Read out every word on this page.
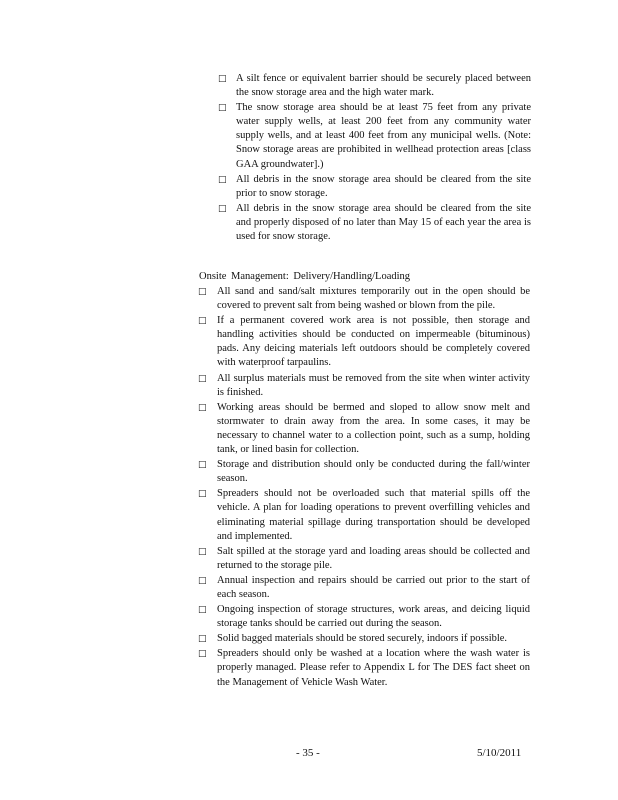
□ A silt fence or equivalent barrier should be securely placed between the snow storage area and the high water mark.
□ The snow storage area should be at least 75 feet from any private water supply wells, at least 200 feet from any community water supply wells, and at least 400 feet from any municipal wells. (Note: Snow storage areas are prohibited in wellhead protection areas [class GAA groundwater].)
□ All debris in the snow storage area should be cleared from the site prior to snow storage.
□ All debris in the snow storage area should be cleared from the site and properly disposed of no later than May 15 of each year the area is used for snow storage.
Onsite Management: Delivery/Handling/Loading
□ All sand and sand/salt mixtures temporarily out in the open should be covered to prevent salt from being washed or blown from the pile.
□ If a permanent covered work area is not possible, then storage and handling activities should be conducted on impermeable (bituminous) pads. Any deicing materials left outdoors should be completely covered with waterproof tarpaulins.
□ All surplus materials must be removed from the site when winter activity is finished.
□ Working areas should be bermed and sloped to allow snow melt and stormwater to drain away from the area. In some cases, it may be necessary to channel water to a collection point, such as a sump, holding tank, or lined basin for collection.
□ Storage and distribution should only be conducted during the fall/winter season.
□ Spreaders should not be overloaded such that material spills off the vehicle. A plan for loading operations to prevent overfilling vehicles and eliminating material spillage during transportation should be developed and implemented.
□ Salt spilled at the storage yard and loading areas should be collected and returned to the storage pile.
□ Annual inspection and repairs should be carried out prior to the start of each season.
□ Ongoing inspection of storage structures, work areas, and deicing liquid storage tanks should be carried out during the season.
□ Solid bagged materials should be stored securely, indoors if possible.
□ Spreaders should only be washed at a location where the wash water is properly managed. Please refer to Appendix L for The DES fact sheet on the Management of Vehicle Wash Water.
- 35 -	5/10/2011
